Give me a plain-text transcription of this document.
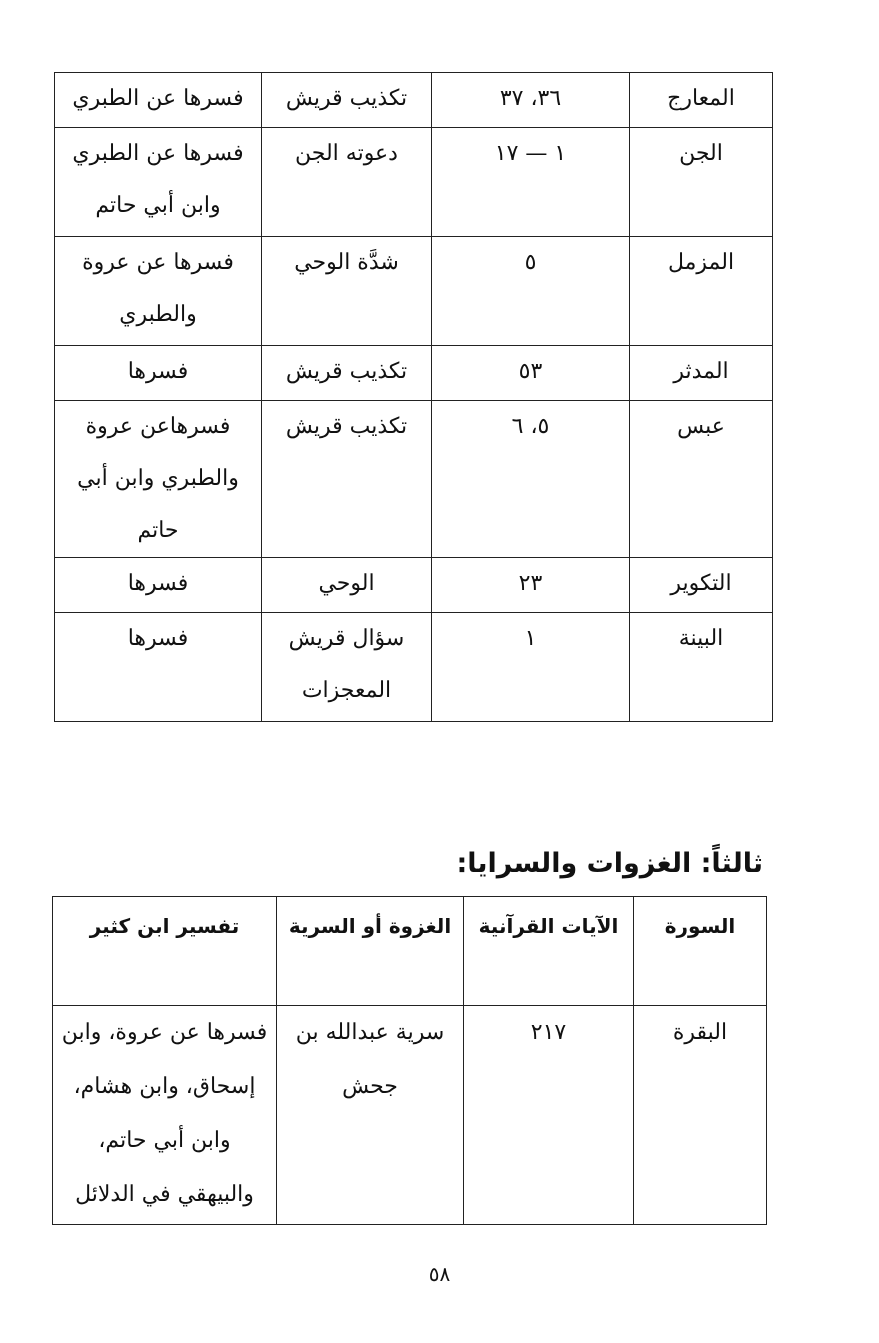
المعارج	٣٦، ٣٧	تكذيب قريش	فسرها عن الطبري
الجن	١ — ١٧	دعوته الجن	فسرها عن الطبري وابن أبي حاتم
المزمل	٥	شدَّة الوحي	فسرها عن عروة والطبري
المدثر	٥٣	تكذيب قريش	فسرها
عبس	٥، ٦	تكذيب قريش	فسرهاعن عروة والطبري وابن أبي حاتم
التكوير	٢٣	الوحي	فسرها
البينة	١	سؤال قريش المعجزات	فسرها
ثالثاً: الغزوات والسرايا:
السورة	الآيات القرآنية	الغزوة أو السرية	تفسير ابن كثير
البقرة	٢١٧	سرية عبدالله بن جحش	فسرها عن عروة، وابن إسحاق، وابن هشام، وابن أبي حاتم، والبيهقي في الدلائل
٥٨
